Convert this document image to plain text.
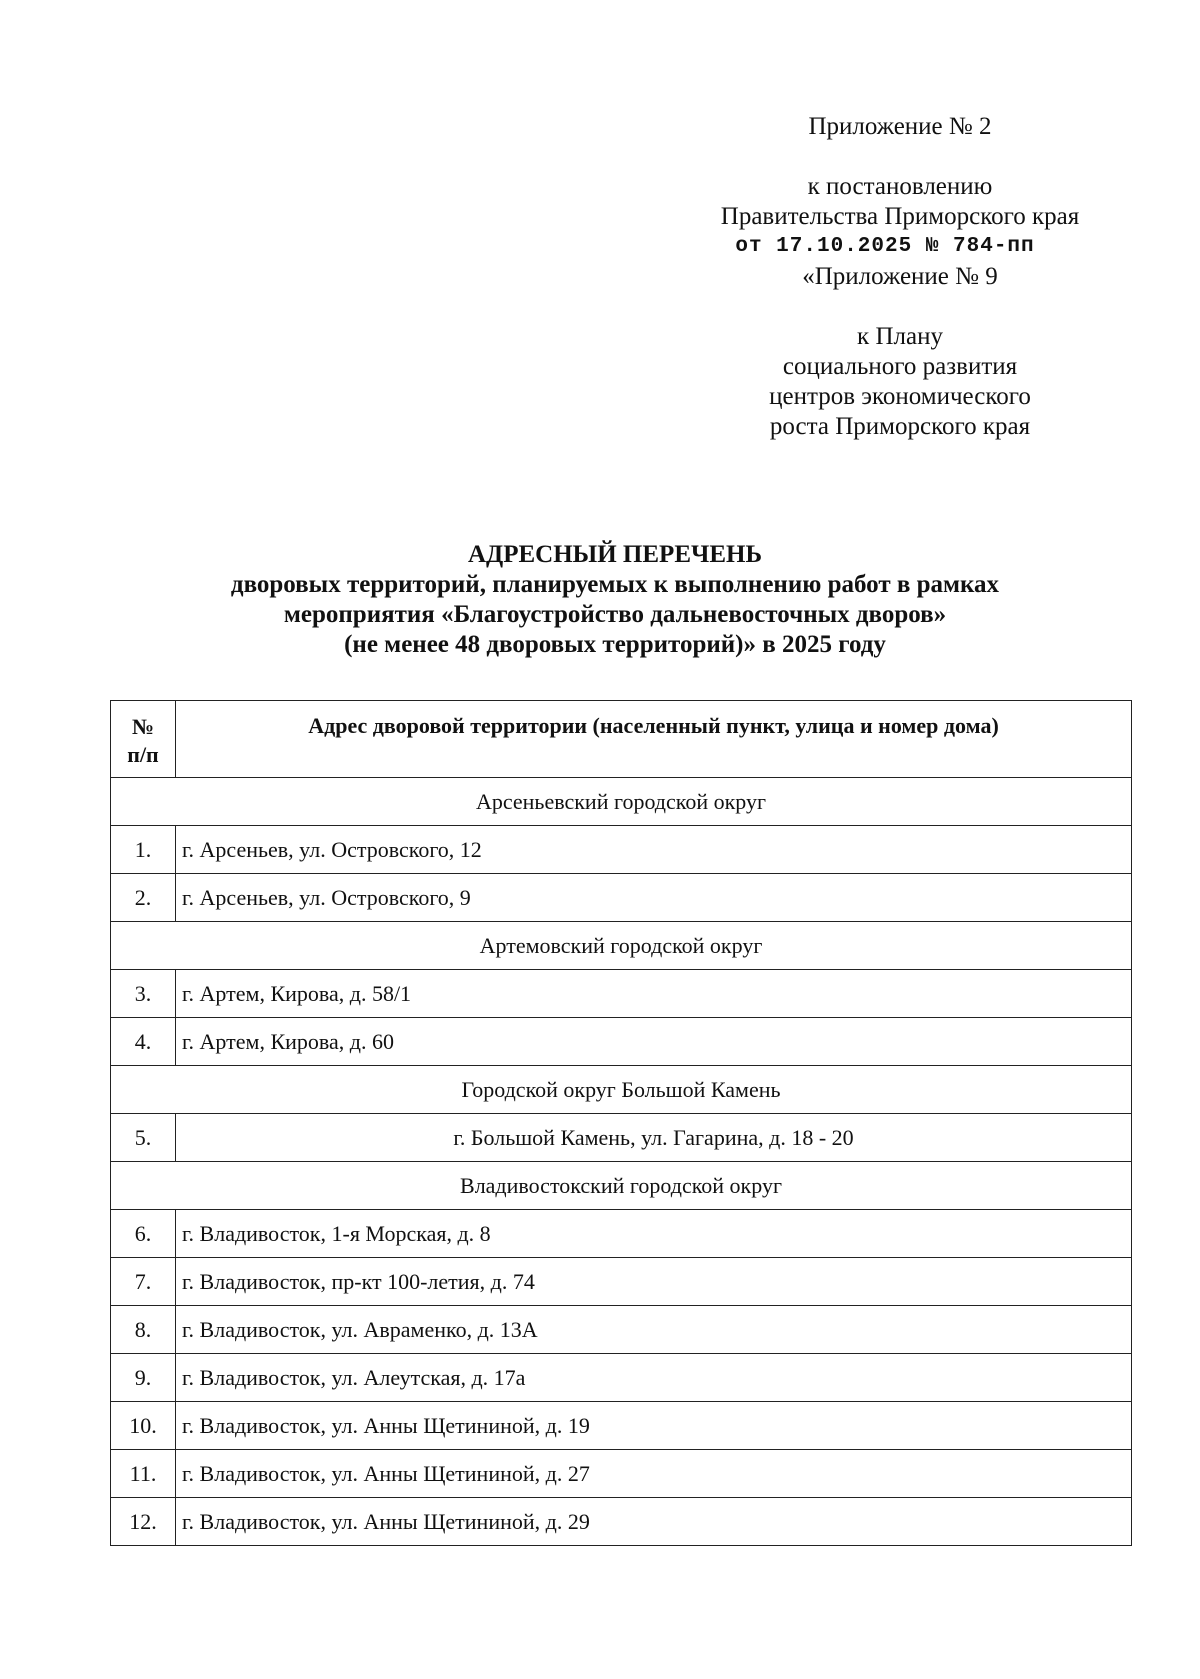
Приложение № 2
к постановлению
Правительства Приморского края
от 17.10.2025 № 784-пп
«Приложение № 9
к Плану
социального развития
центров экономического
роста Приморского края
АДРЕСНЫЙ ПЕРЕЧЕНЬ
дворовых территорий, планируемых к выполнению работ в рамках
мероприятия «Благоустройство дальневосточных дворов»
(не менее 48 дворовых территорий)» в 2025 году
№
п/п	Адрес дворовой территории (населенный пункт, улица и номер дома)
Арсеньевский городской округ	
1.	г. Арсеньев, ул. Островского, 12
2.	г. Арсеньев, ул. Островского, 9
Артемовский городской округ	
3.	г. Артем, Кирова, д. 58/1
4.	г. Артем, Кирова, д. 60
Городской округ Большой Камень	
5.	г. Большой Камень, ул. Гагарина, д. 18 - 20
Владивостокский городской округ	
6.	г. Владивосток, 1-я Морская, д. 8
7.	г. Владивосток, пр-кт 100-летия, д. 74
8.	г. Владивосток, ул. Авраменко, д. 13А
9.	г. Владивосток, ул. Алеутская, д. 17а
10.	г. Владивосток, ул. Анны Щетининой, д. 19
11.	г. Владивосток, ул. Анны Щетининой, д. 27
12.	г. Владивосток, ул. Анны Щетининой, д. 29
